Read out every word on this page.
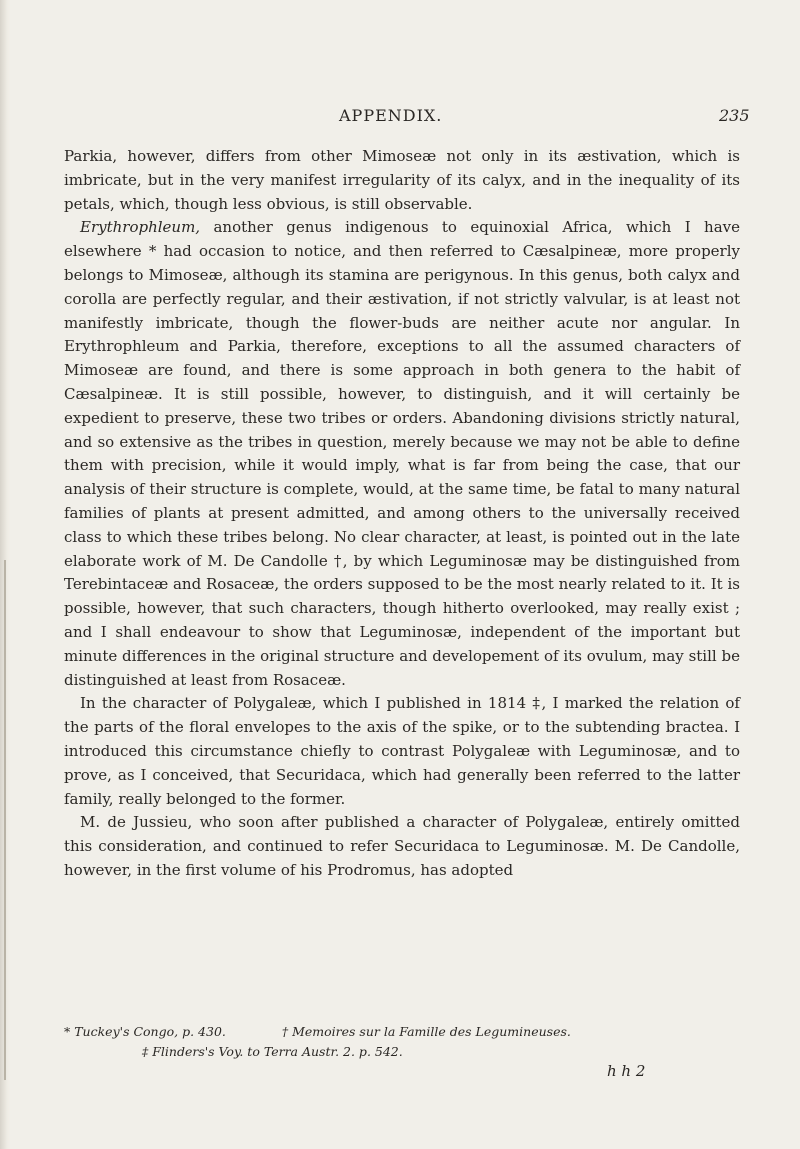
APPENDIX.	235

Parkia, however, differs from other Mimoseæ not only in its æstivation, which is imbricate, but in the very manifest irregularity of its calyx, and in the inequality of its petals, which, though less obvious, is still observable.

Erythrophleum, another genus indigenous to equinoxial Africa, which I have elsewhere * had occasion to notice, and then referred to Cæsalpineæ, more properly belongs to Mimoseæ, although its stamina are perigynous. In this genus, both calyx and corolla are perfectly regular, and their æstivation, if not strictly valvular, is at least not manifestly imbricate, though the flower-buds are neither acute nor angular. In Erythrophleum and Parkia, therefore, exceptions to all the assumed characters of Mimoseæ are found, and there is some approach in both genera to the habit of Cæsalpineæ. It is still possible, however, to distinguish, and it will certainly be expedient to preserve, these two tribes or orders. Abandoning divisions strictly natural, and so extensive as the tribes in question, merely because we may not be able to define them with precision, while it would imply, what is far from being the case, that our analysis of their structure is complete, would, at the same time, be fatal to many natural families of plants at present admitted, and among others to the universally received class to which these tribes belong. No clear character, at least, is pointed out in the late elaborate work of M. De Candolle †, by which Leguminosæ may be distinguished from Terebintaceæ and Rosaceæ, the orders supposed to be the most nearly related to it. It is possible, however, that such characters, though hitherto overlooked, may really exist ; and I shall endeavour to show that Leguminosæ, independent of the important but minute differences in the original structure and developement of its ovulum, may still be distinguished at least from Rosaceæ.

In the character of Polygaleæ, which I published in 1814 ‡, I marked the relation of the parts of the floral envelopes to the axis of the spike, or to the subtending bractea. I introduced this circumstance chiefly to contrast Polygaleæ with Leguminosæ, and to prove, as I conceived, that Securidaca, which had generally been referred to the latter family, really belonged to the former.

M. de Jussieu, who soon after published a character of Polygaleæ, entirely omitted this consideration, and continued to refer Securidaca to Leguminosæ. M. De Candolle, however, in the first volume of his Prodromus, has adopted

* Tuckey's Congo, p. 430.	† Memoires sur la Famille des Legumineuses.
‡ Flinders's Voy. to Terra Austr. 2. p. 542.
h h 2
